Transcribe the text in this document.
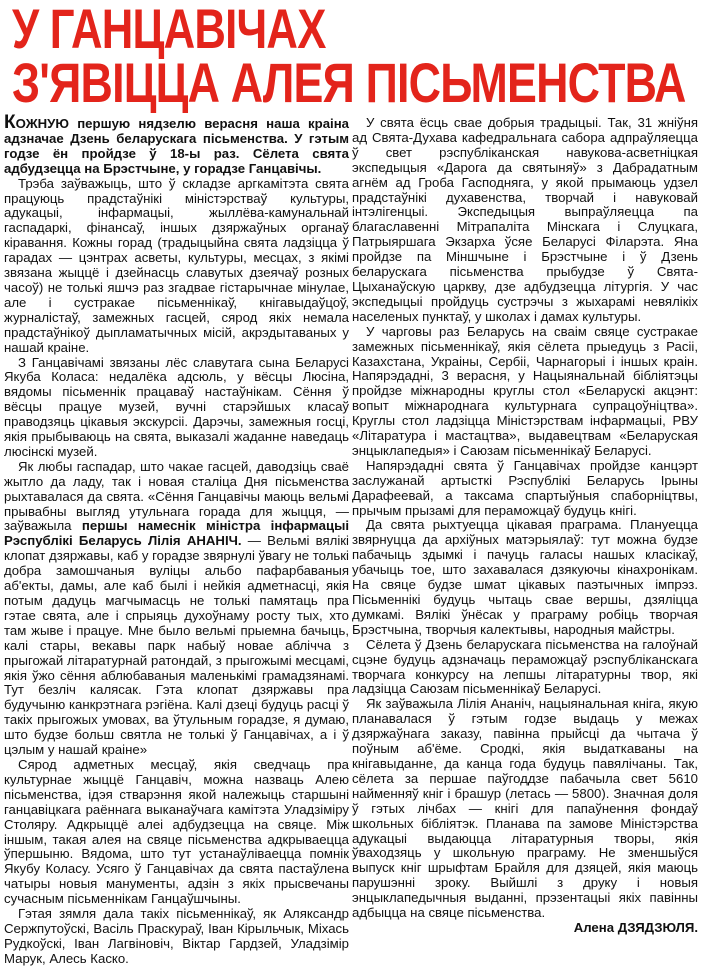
У ГАНЦАВІЧАХ
З'ЯВІЦЦА АЛЕЯ ПІСЬМЕНСТВА

КОЖНУЮ першую нядзелю верасня наша краіна адзначае Дзень беларускага пісьменства. У гэтым годзе ён пройдзе ў 18-ы раз. Сёлета свята адбудзецца на Брэстчыне, у горадзе Ганцавічы.

Трэба заўважыць, што ў складзе аргкамітэта свята працуюць прадстаўнікі міністэрстваў культуры, адукацыі, інфармацыі, жыллёва-камунальнай гаспадаркі, фінансаў, іншых дзяржаўных органаў кіравання. Кожны горад (традыцыйна свята ладзіцца ў гарадах — цэнтрах асветы, культуры, месцах, з якімі звязана жыццё і дзейнасць славутых дзеячаў розных часоў) не толькі яшчэ раз згадвае гістарычнае мінулае, але і сустракае пісьменнікаў, кнігавыдаўцоў, журналістаў, замежных гасцей, сярод якіх немала прадстаўнікоў дыпламатычных місій, акрэдытаваных у нашай краіне.

З Ганцавічамі звязаны лёс славутага сына Беларусі Якуба Коласа: недалёка адсюль, у вёсцы Люсіна, вядомы пісьменнік працаваў настаўнікам. Сёння ў вёсцы працуе музей, вучні старэйшых класаў праводзяць цікавыя экскурсіі. Дарэчы, замежныя госці, якія прыбываюць на свята, выказалі жаданне наведаць люсінскі музей.

Як любы гаспадар, што чакае гасцей, даводзіць сваё жытло да ладу, так і новая сталіца Дня пісьменства рыхтавалася да свята. «Сёння Ганцавічы маюць вельмі прывабны выгляд утульнага горада для жыцця, — заўважыла першы намеснік міністра інфармацыі Рэспублікі Беларусь Лілія АНАНІЧ. — Вельмі вялікі клопат дзяржавы, каб у горадзе звярнулі ўвагу не толькі добра замошчаныя вуліцы альбо пафарбаваныя аб'екты, дамы, але каб былі і нейкія адметнасці, якія потым дадуць магчымасць не толькі памятаць пра гэтае свята, але і спрыяць духоўнаму росту тых, хто там жыве і працуе. Мне было вельмі прыемна бачыць, калі стары, векавы парк набыў новае аблічча з прыгожай літаратурнай ратондай, з прыгожымі месцамі, якія ўжо сёння аблюбаваныя маленькімі грамадзянамі. Тут безліч калясак. Гэта клопат дзяржавы пра будучыню канкрэтнага рэгіёна. Калі дзеці будуць расці ў такіх прыгожых умовах, ва ўтульным горадзе, я думаю, што будзе больш святла не толькі ў Ганцавічах, а і ў цэлым у нашай краіне»

Сярод адметных месцаў, якія сведчаць пра культурнае жыццё Ганцавіч, можна назваць Алею пісьменства, ідэя стварэння якой належыць старшыні ганцавіцкага раённага выканаўчага камітэта Уладзіміру Столяру. Адкрыццё алеі адбудзецца на свяце. Між іншым, такая алея на свяце пісьменства адкрываецца ўпершыню. Вядома, што тут устанаўліваецца помнік Якубу Коласу. Усяго ў Ганцавічах да свята пастаўлена чатыры новыя манументы, адзін з якіх прысвечаны сучасным пісьменнікам Ганцаўшчыны.

Гэтая зямля дала такіх пісьменнікаў, як Аляксандр Сержпутоўскі, Васіль Праскураў, Іван Кірыльчык, Міхась Рудкоўскі, Іван Лагвіновіч, Віктар Гардзей, Уладзімір Марук, Алесь Каско.

У свята ёсць свае добрыя традыцыі. Так, 31 жніўня ад Свята-Духава кафедральнага сабора адпраўляецца ў свет рэспубліканская навукова-асветніцкая экспедыцыя «Дарога да святыняў» з Дабрадатным агнём ад Гроба Гасподняга, у якой прымаюць удзел прадстаўнікі духавенства, творчай і навуковай інтэлігенцыі. Экспедыцыя выпраўляецца па благаславенні Мітрапаліта Мінскага і Слуцкага, Патрыяршага Экзарха ўсяе Беларусі Філарэта. Яна пройдзе па Міншчыне і Брэстчыне і ў Дзень беларускага пісьменства прыбудзе ў Свята-Цыханаўскую царкву, дзе адбудзецца літургія. У час экспедыцыі пройдуць сустрэчы з жыхарамі невялікіх населеных пунктаў, у школах і дамах культуры.

У чарговы раз Беларусь на сваім свяце сустракае замежных пісьменнікаў, якія сёлета прыедуць з Расіі, Казахстана, Украіны, Сербіі, Чарнагорыі і іншых краін. Напярэдадні, 3 верасня, у Нацыянальнай бібліятэцы пройдзе міжнародны круглы стол «Беларускі акцэнт: вопыт міжнароднага культурнага супрацоўніцтва». Круглы стол ладзіцца Міністэрствам інфармацыі, РВУ «Літаратура і мастацтва», выдавецтвам «Беларуская энцыклапедыя» і Саюзам пісьменнікаў Беларусі.

Напярэдадні свята ў Ганцавічах пройдзе канцэрт заслужанай артысткі Рэспублікі Беларусь Ірыны Дарафеевай, а таксама спартыўныя спаборніцтвы, прычым прызамі для пераможцаў будуць кнігі.

Да свята рыхтуецца цікавая праграма. Плануецца звярнуцца да архіўных матэрыялаў: тут можна будзе пабачыць здымкі і пачуць галасы нашых класікаў, убачыць тое, што захавалася дзякуючы кінахронікам. На свяце будзе шмат цікавых паэтычных імпрэз. Пісьменнікі будуць чытаць свае вершы, дзяліцца думкамі. Вялікі ўнёсак у праграму робіць творчая Брэстчына, творчыя калектывы, народныя майстры.

Сёлета ў Дзень беларускага пісьменства на галоўнай сцэне будуць адзначаць пераможцаў рэспубліканскага творчага конкурсу на лепшы літаратурны твор, які ладзіцца Саюзам пісьменнікаў Беларусі.

Як заўважыла Лілія Ананіч, нацыянальная кніга, якую планавалася ў гэтым годзе выдаць у межах дзяржаўнага заказу, павінна прыйсці да чытача ў поўным аб'ёме. Сродкі, якія выдаткаваны на кнігавыданне, да канца года будуць павялічаны. Так, сёлета за першае паўгоддзе пабачыла свет 5610 найменняў кніг і брашур (летась — 5800). Значная доля ў гэтых лічбах — кнігі для папаўнення фондаў школьных бібліятэк. Планава па замове Міністэрства адукацыі выдаюцца літаратурныя творы, якія ўваходзяць у школьную праграму. Не зменшыўся выпуск кніг шрыфтам Брайля для дзяцей, якія маюць парушэнні зроку. Выйшлі з друку і новыя энцыклапедычныя выданні, прэзентацыі якіх павінны адбыцца на свяце пісьменства.

Алена ДЗЯДЗЮЛЯ.
